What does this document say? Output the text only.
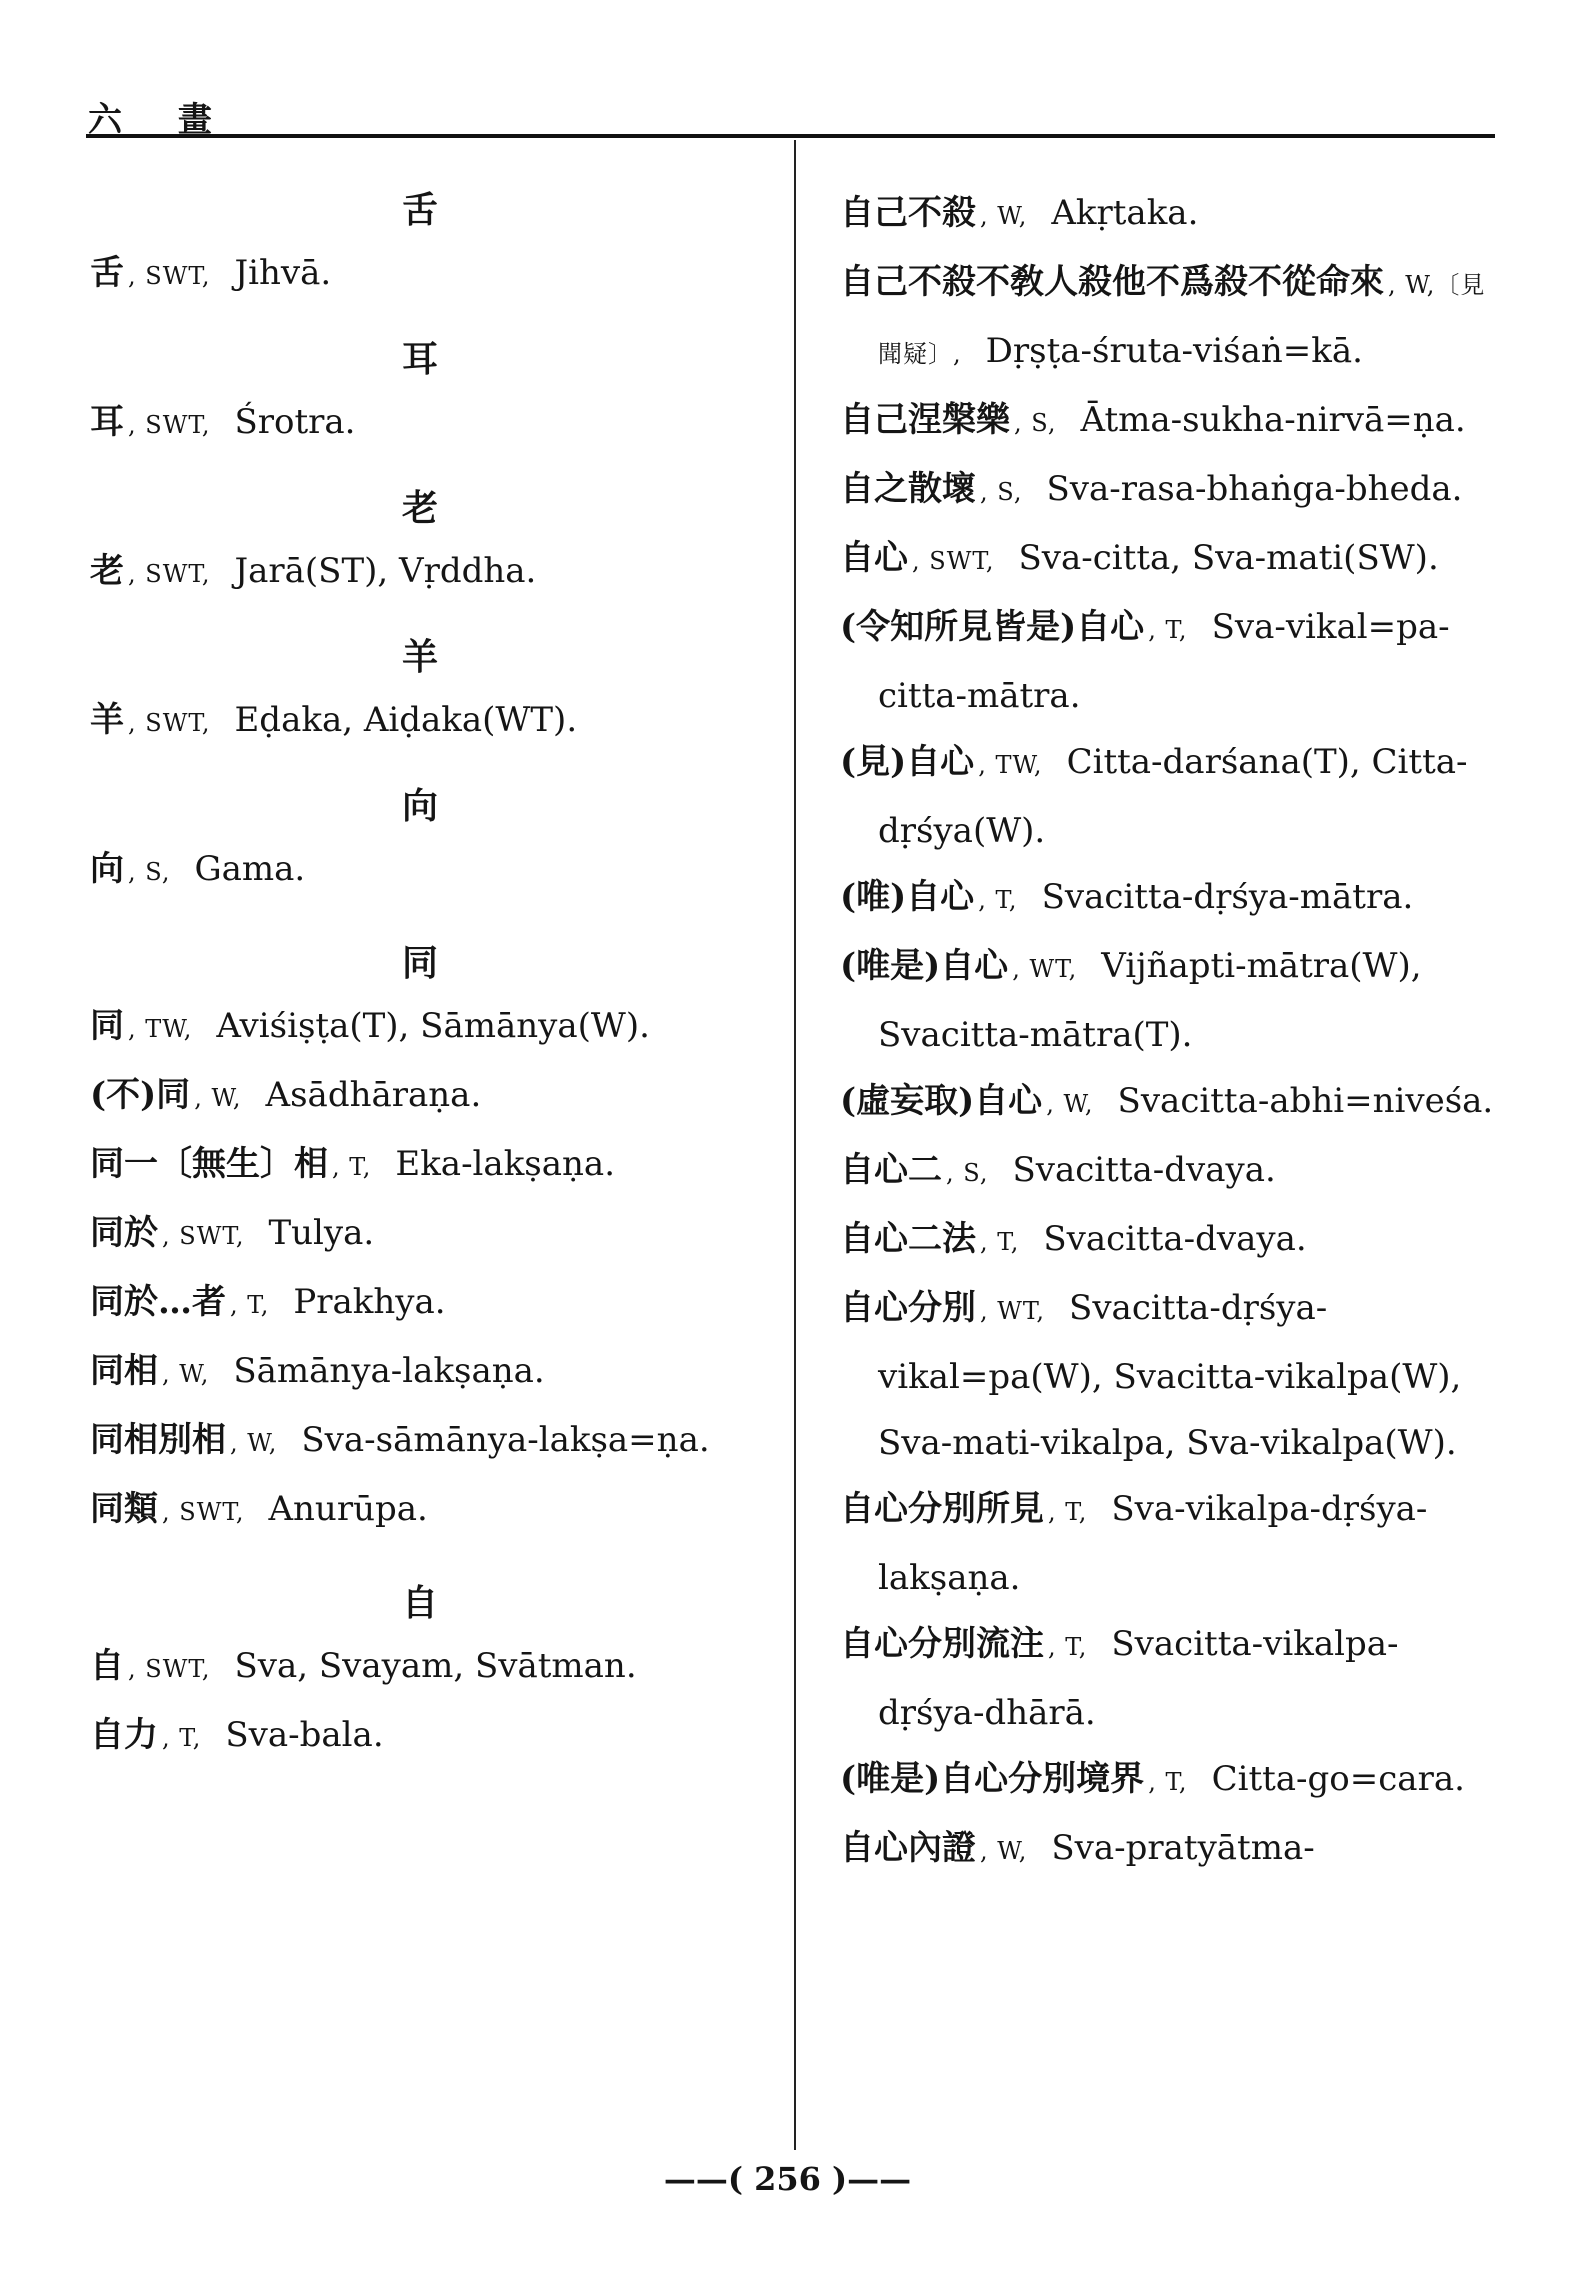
六 畫
舌
舌 , SWT, Jihvā.
耳
耳 , SWT, Śrotra.
老
老 , SWT, Jarā(ST), Vṛddha.
羊
羊 , SWT, Eḍaka, Aiḍaka(WT).
向
向 , S, Gama.
同
同 , TW, Aviśiṣṭa(T), Sāmānya(W).
(不)同 , W, Asādhāraṇa.
同一〔無生〕相 , T, Eka-lakṣaṇa.
同於 , SWT, Tulya.
同於…者 , T, Prakhya.
同相 , W, Sāmānya-lakṣaṇa.
同相別相 , W, Sva-sāmānya-lakṣa=ṇa.
同類 , SWT, Anurūpa.
自
自 , SWT, Sva, Svayam, Svātman.
自力 , T, Sva-bala.
自己不殺 , W, Akṛtaka.
自己不殺不敎人殺他不爲殺不從命來 , W,〔見聞疑〕, Dṛṣṭa-śruta-viśaṅ=kā.
自己涅槃樂 , S, Ātma-sukha-nirvā=ṇa.
自之散壞 , S, Sva-rasa-bhaṅga-bheda.
自心 , SWT, Sva-citta, Sva-mati(SW).
(令知所見皆是)自心 , T, Sva-vikal=pa-citta-mātra.
(見)自心 , TW, Citta-darśana(T), Citta-dṛśya(W).
(唯)自心 , T, Svacitta-dṛśya-mātra.
(唯是)自心 , WT, Vijñapti-mātra(W), Svacitta-mātra(T).
(虛妄取)自心 , W, Svacitta-abhi=niveśa.
自心二 , S, Svacitta-dvaya.
自心二法 , T, Svacitta-dvaya.
自心分別 , WT, Svacitta-dṛśya-vikal=pa(W), Svacitta-vikalpa(W), Sva-mati-vikalpa, Sva-vikalpa(W).
自心分別所見 , T, Sva-vikalpa-dṛśya-lakṣaṇa.
自心分別流注 , T, Svacitta-vikalpa-dṛśya-dhārā.
(唯是)自心分別境界 , T, Citta-go=cara.
自心內證 , W, Sva-pratyātma-
——( 256 )——
